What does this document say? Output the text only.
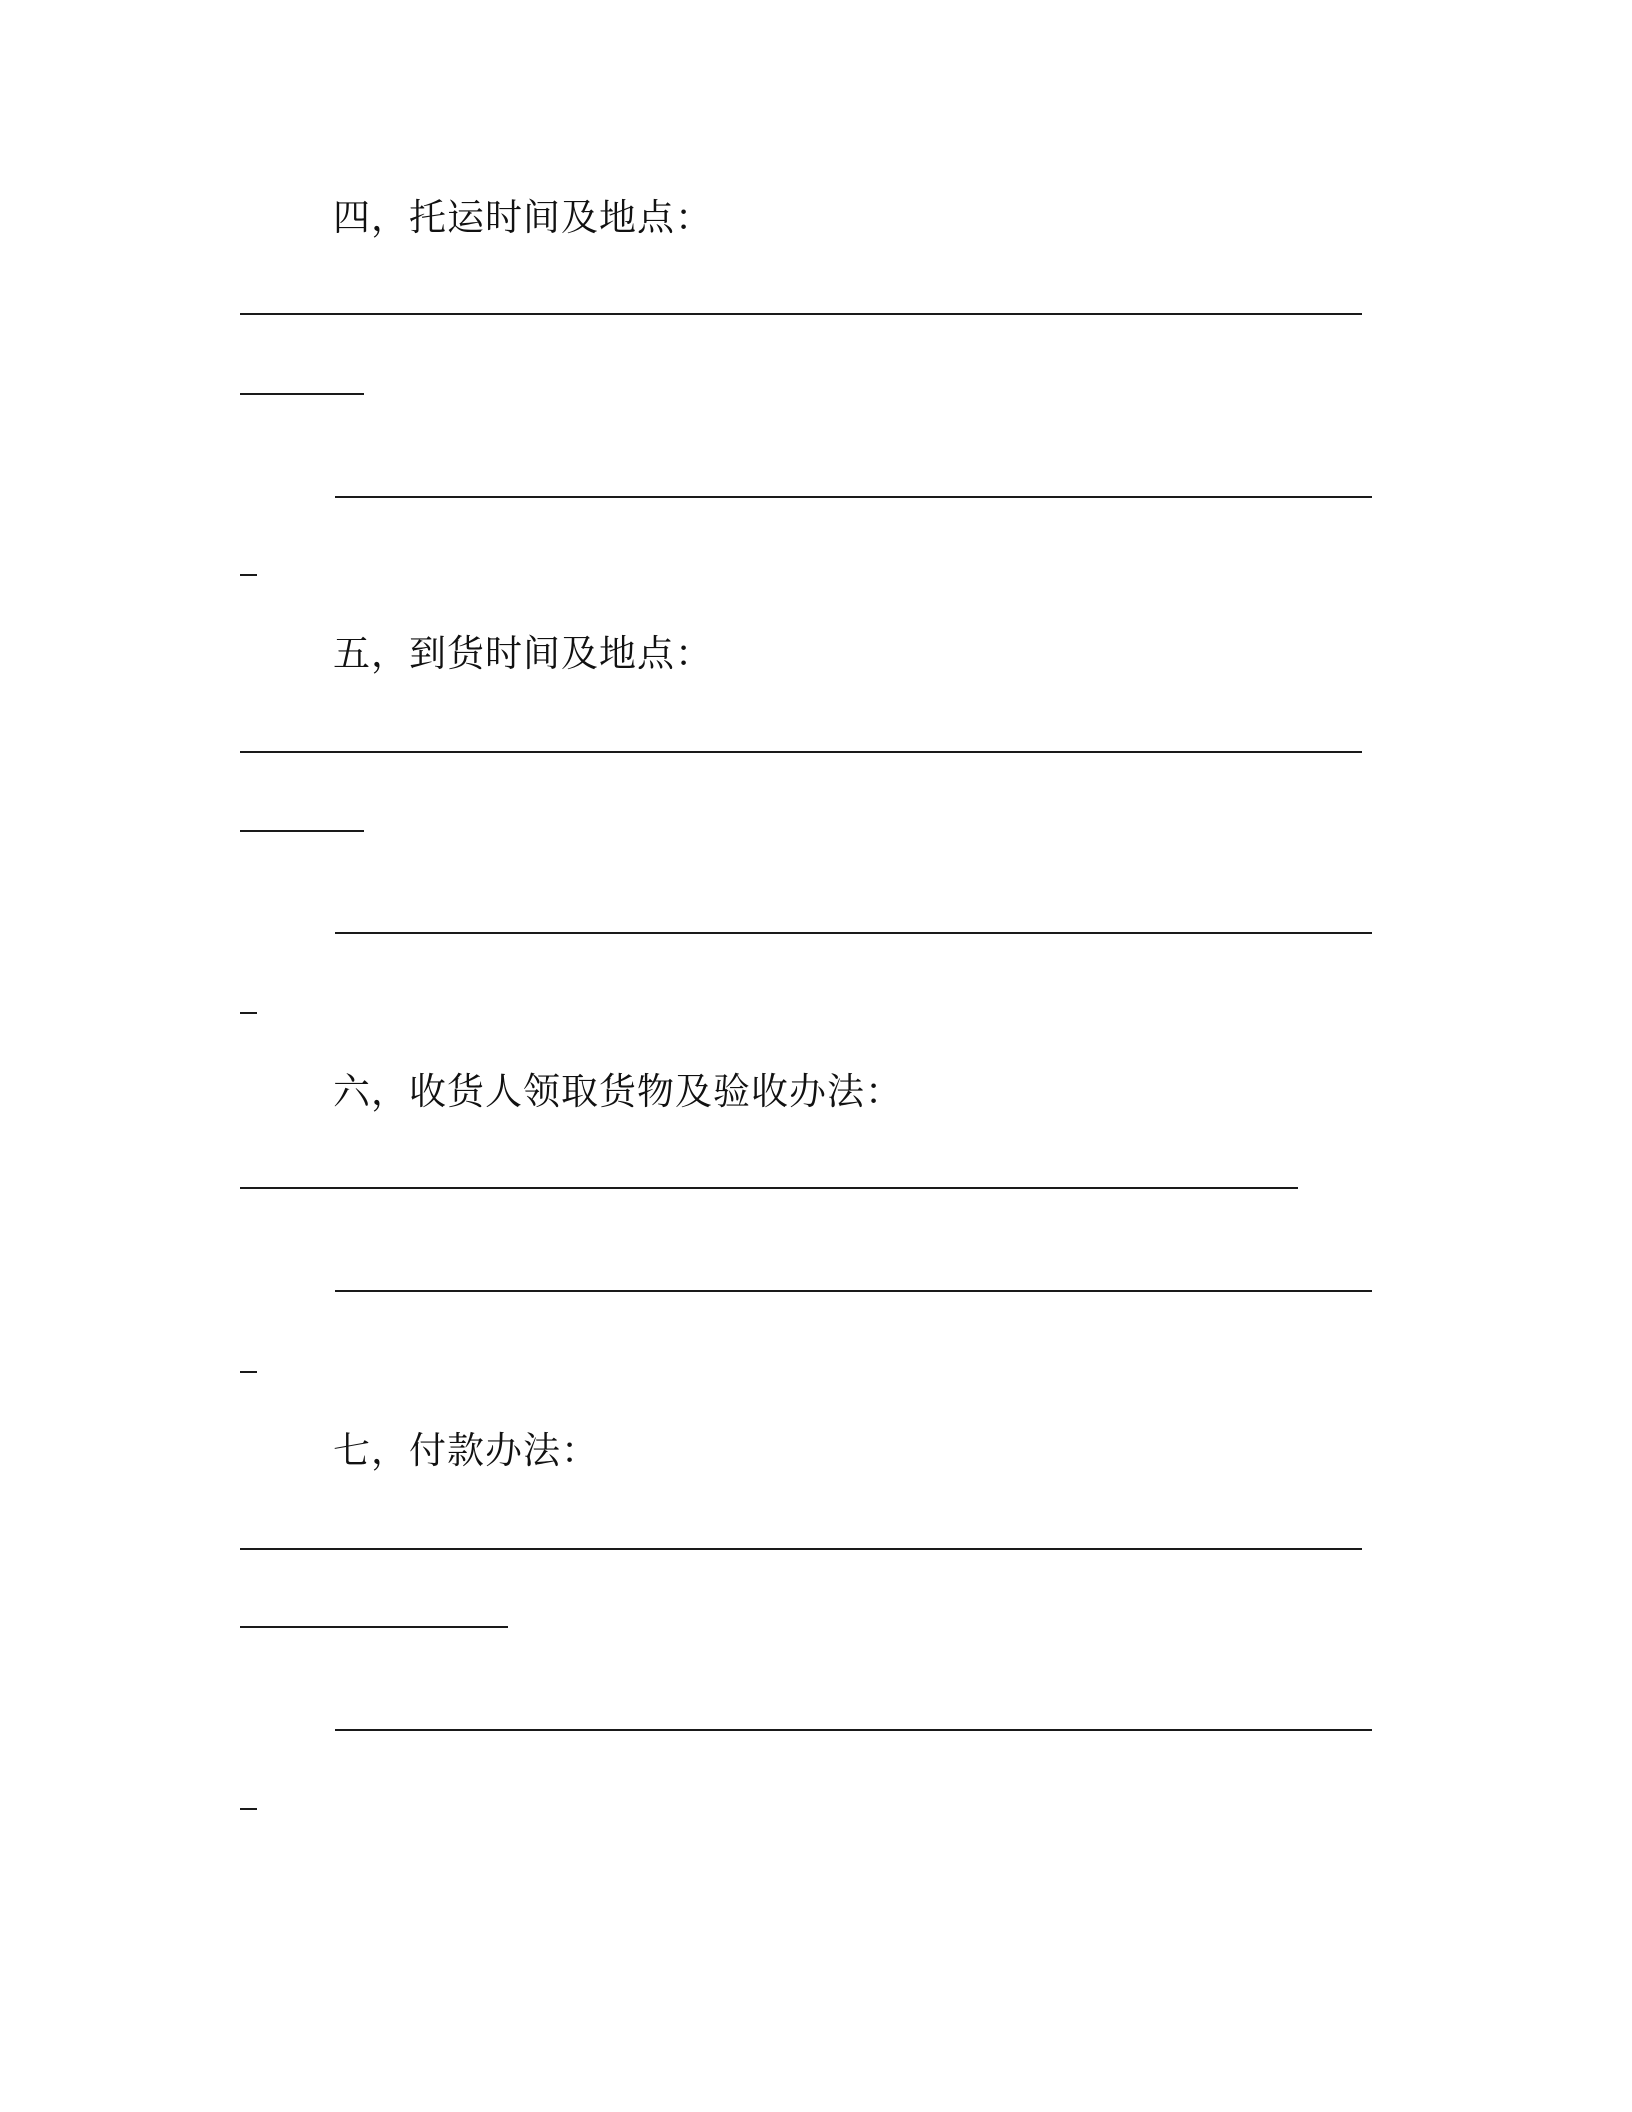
四，托运时间及地点：
五，到货时间及地点：
六，收货人领取货物及验收办法：
七，付款办法：
